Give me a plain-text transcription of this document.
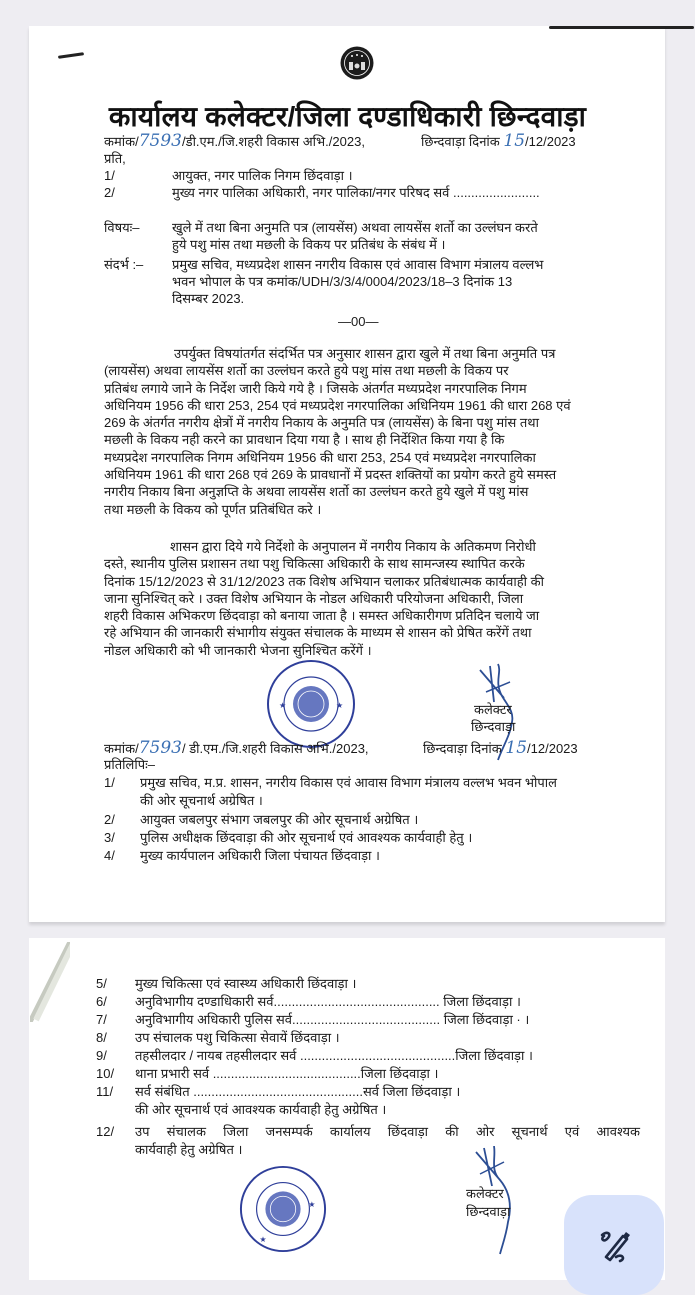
कार्यालय कलेक्टर/जिला दण्डाधिकारी छिन्दवाड़ा
कमांक/7593/डी.एम./जि.शहरी विकास अभि./2023,	छिन्दवाड़ा दिनांक 15/12/2023
प्रति,
1/	आयुक्त, नगर पालिक निगम छिंदवाड़ा ।
2/	मुख्य नगर पालिका अधिकारी, नगर पालिका/नगर परिषद सर्व ........................
विषयः– खुले में तथा बिना अनुमति पत्र (लायसेंस) अथवा लायसेंस शर्तो का उल्लंघन करते
हुये पशु मांस तथा मछली के विकय पर प्रतिबंध के संबंध में ।
संदर्भ :– प्रमुख सचिव, मध्यप्रदेश शासन नगरीय विकास एवं आवास विभाग मंत्रालय वल्लभ
भवन भोपाल के पत्र कमांक/UDH/3/3/4/0004/2023/18–3 दिनांक 13
दिसम्बर 2023.
—00—
उपर्युक्त विषयांतर्गत संदर्भित पत्र अनुसार शासन द्वारा खुले में तथा बिना अनुमति पत्र
(लायसेंस) अथवा लायसेंस शर्तो का उल्लंघन करते हुये पशु मांस तथा मछली के विकय पर
प्रतिबंध लगाये जाने के निर्देश जारी किये गये है । जिसके अंतर्गत मध्यप्रदेश नगरपालिक निगम
अधिनियम 1956 की धारा 253, 254 एवं मध्यप्रदेश नगरपालिका अधिनियम 1961 की धारा 268 एवं
269 के अंतर्गत नगरीय क्षेत्रों में नगरीय निकाय के अनुमति पत्र (लायसेंस) के बिना पशु मांस तथा
मछली के विकय नही करने का प्रावधान दिया गया है । साथ ही निर्देशित किया गया है कि
मध्यप्रदेश नगरपालिक निगम अधिनियम 1956 की धारा 253, 254 एवं मध्यप्रदेश नगरपालिका
अधिनियम 1961 की धारा 268 एवं 269 के प्रावधानों में प्रदस्त शक्तियों का प्रयोग करते हुये समस्त
नगरीय निकाय बिना अनुज्ञप्ति के अथवा लायसेंस शर्तो का उल्लंघन करते हुये खुले में पशु मांस
तथा मछली के विकय को पूर्णत प्रतिबंधित करे ।
शासन द्वारा दिये गये निर्देशो के अनुपालन में नगरीय निकाय के अतिकमण निरोधी
दस्ते, स्थानीय पुलिस प्रशासन तथा पशु चिकित्सा अधिकारी के साथ सामन्जस्य स्थापित करके
दिनांक 15/12/2023 से 31/12/2023 तक विशेष अभियान चलाकर प्रतिबंधात्मक कार्यवाही की
जाना सुनिश्चित् करे । उक्त विशेष अभियान के नोडल अधिकारी परियोजना अधिकारी, जिला
शहरी विकास अभिकरण छिंदवाड़ा को बनाया जाता है । समस्त अधिकारीगण प्रतिदिन चलाये जा
रहे अभियान की जानकारी संभागीय संयुक्त संचालक के माध्यम से शासन को प्रेषित करेंगें तथा
नोडल अधिकारी को भी जानकारी भेजना सुनिश्चित करेंगें ।
★	★	कलेक्टर
छिन्दवाड़ा
कमांक/7593/ डी.एम./जि.शहरी विकास अभि./2023,	छिन्दवाड़ा दिनांक 15/12/2023
प्रतिलिपिः–
1/ प्रमुख सचिव, म.प्र. शासन, नगरीय विकास एवं आवास विभाग मंत्रालय वल्लभ भवन भोपाल
की ओर सूचनार्थ अग्रेषित ।
2/ आयुक्त जबलपुर संभाग जबलपुर की ओर सूचनार्थ अग्रेषित ।
3/ पुलिस अधीक्षक छिंदवाड़ा की ओर सूचनार्थ एवं आवश्यक कार्यवाही हेतु ।
4/ मुख्य कार्यपालन अधिकारी जिला पंचायत छिंदवाड़ा ।
5/ मुख्य चिकित्सा एवं स्वास्थ्य अधिकारी छिंदवाड़ा ।
6/ अनुविभागीय दण्डाधिकारी सर्व.............................................. जिला छिंदवाड़ा ।
7/ अनुविभागीय अधिकारी पुलिस सर्व......................................... जिला छिंदवाड़ा · ।
8/ उप संचालक पशु चिकित्सा सेवायें छिंदवाड़ा ।
9/ तहसीलदार / नायब तहसीलदार सर्व ...........................................जिला छिंदवाड़ा ।
10/ थाना प्रभारी सर्व .........................................जिला छिंदवाड़ा ।
11/ सर्व संबंधित ...............................................सर्व जिला छिंदवाड़ा ।
की ओर सूचनार्थ एवं आवश्यक कार्यवाही हेतु अग्रेषित ।
12/ उप संचालक जिला जनसम्पर्क कार्यालय छिंदवाड़ा की ओर सूचनार्थ एवं आवश्यक
कार्यवाही हेतु अग्रेषित ।
★
★
कलेक्टर
छिन्दवाड़ा
